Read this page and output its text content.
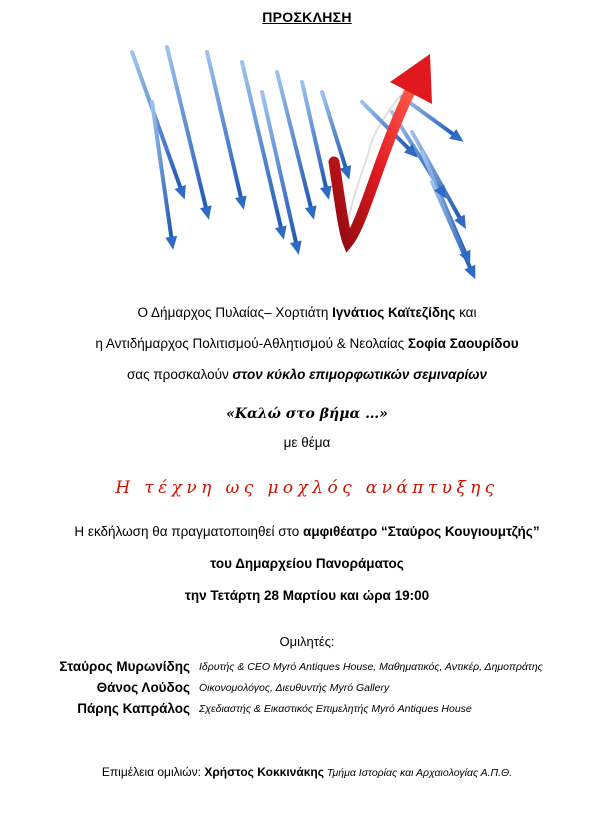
ΠΡΟΣΚΛΗΣΗ
Ο Δήμαρχος Πυλαίας– Χορτιάτη Ιγνάτιος Καϊτεζίδης και
η Αντιδήμαρχος Πολιτισμού-Αθλητισμού & Νεολαίας Σοφία Σαουρίδου
σας προσκαλούν στον κύκλο επιμορφωτικών σεμιναρίων
«Καλώ στο βήμα …»
με θέμα
Η τέχνη ως μοχλός ανάπτυξης
Η εκδήλωση θα πραγματοποιηθεί στο αμφιθέατρο “Σταύρος Κουγιουμτζής”
του Δημαρχείου Πανοράματος
την Τετάρτη 28 Μαρτίου και ώρα 19:00
Ομιλητές:
Σταύρος Μυρωνίδης Ιδρυτής & CEO Myrό Antiques House, Μαθηματικός, Αντικέρ, Δημοπράτης
Θάνος Λούδος Οικονομολόγος, Διευθυντής Myrό Gallery
Πάρης Καπράλος Σχεδιαστής & Εικαστικός Επιμελητής Myrό Antiques House
Επιμέλεια ομιλιών: Χρήστος Κοκκινάκης Τμήμα Ιστορίας και Αρχαιολογίας Α.Π.Θ.
